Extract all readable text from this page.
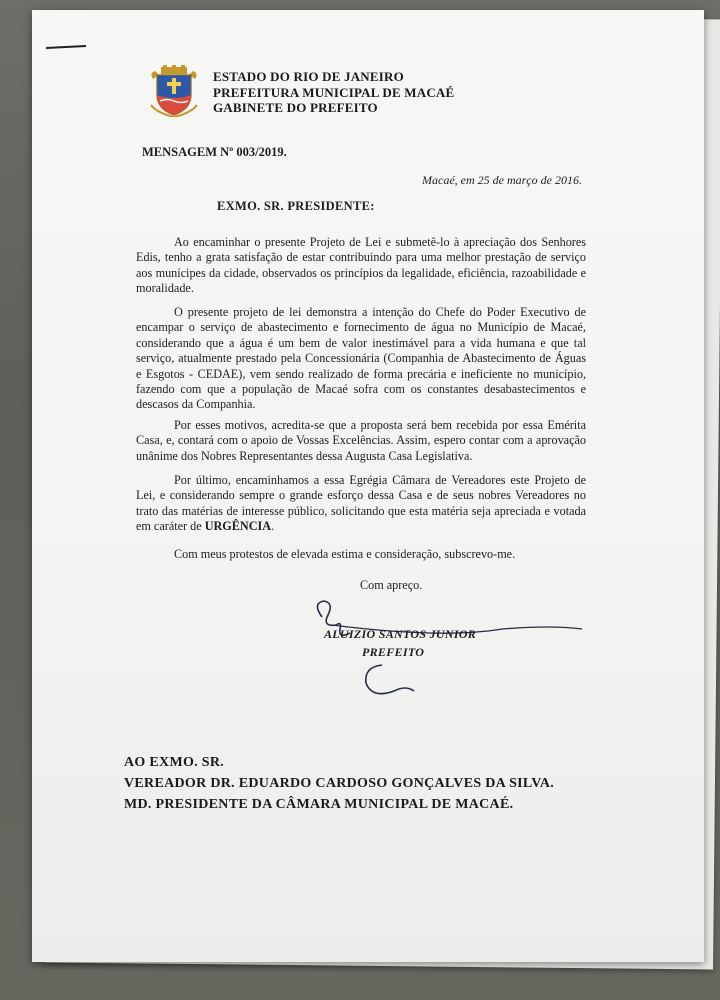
ESTADO DO RIO DE JANEIRO
PREFEITURA MUNICIPAL DE MACAÉ
GABINETE DO PREFEITO
MENSAGEM Nº 003/2019.
Macaé, em 25 de março de 2016.
EXMO. SR. PRESIDENTE:

Ao encaminhar o presente Projeto de Lei e submetê-lo à apreciação dos Senhores Edis, tenho a grata satisfação de estar contribuindo para uma melhor prestação de serviço aos munícipes da cidade, observados os princípios da legalidade, eficiência, razoabilidade e moralidade.

O presente projeto de lei demonstra a intenção do Chefe do Poder Executivo de encampar o serviço de abastecimento e fornecimento de água no Município de Macaé, considerando que a água é um bem de valor inestimável para a vida humana e que tal serviço, atualmente prestado pela Concessionária (Companhia de Abastecimento de Águas e Esgotos - CEDAE), vem sendo realizado de forma precária e ineficiente no município, fazendo com que a população de Macaé sofra com os constantes desabastecimentos e descasos da Companhia.

Por esses motivos, acredita-se que a proposta será bem recebida por essa Emérita Casa, e, contará com o apoio de Vossas Excelências. Assim, espero contar com a aprovação unânime dos Nobres Representantes dessa Augusta Casa Legislativa.

Por último, encaminhamos a essa Egrégia Câmara de Vereadores este Projeto de Lei, e considerando sempre o grande esforço dessa Casa e de seus nobres Vereadores no trato das matérias de interesse público, solicitando que esta matéria seja apreciada e votada em caráter de URGÊNCIA.

Com meus protestos de elevada estima e consideração, subscrevo-me.

Com apreço.
ALUIZIO SANTOS JUNIOR
PREFEITO
AO EXMO. SR.
VEREADOR DR. EDUARDO CARDOSO GONÇALVES DA SILVA.
MD. PRESIDENTE DA CÂMARA MUNICIPAL DE MACAÉ.
